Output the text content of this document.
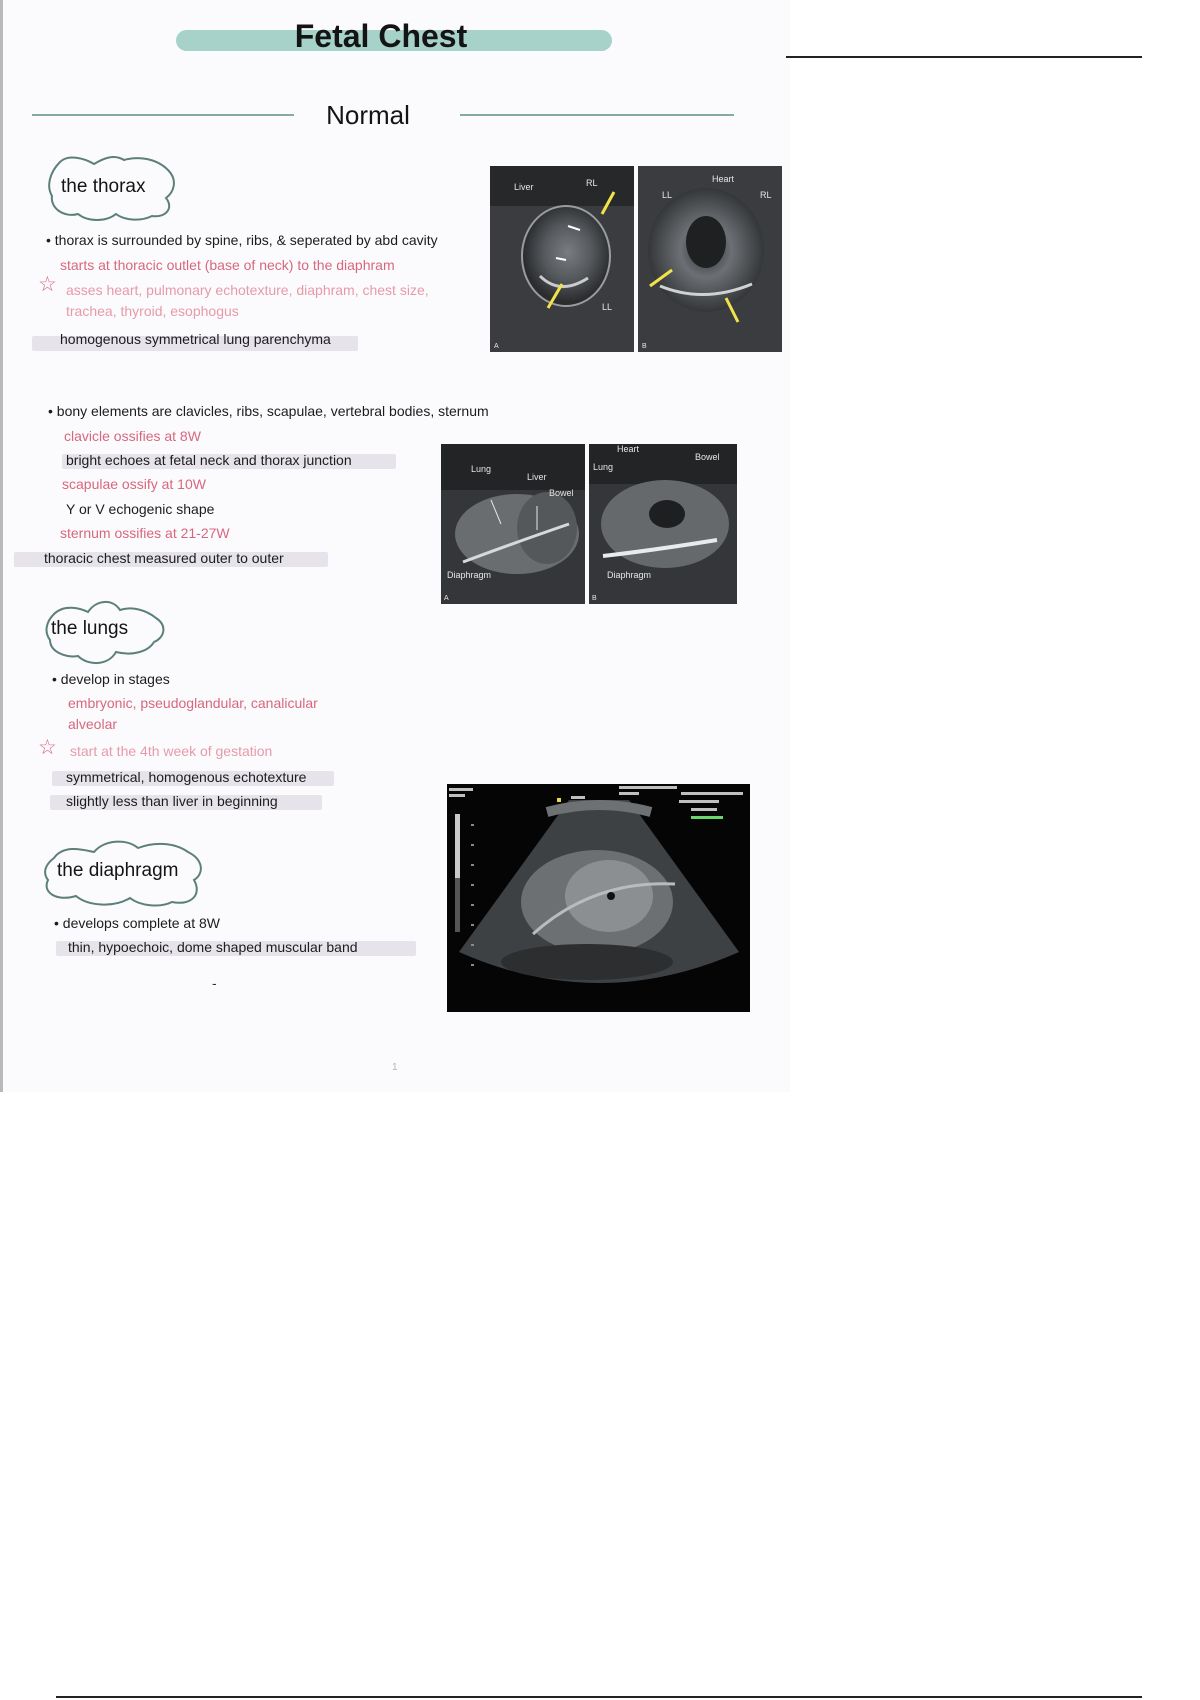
Fetal Chest
Normal
the thorax
• thorax is surrounded by spine, ribs, & seperated by abd cavity
starts at thoracic outlet (base of neck) to the diaphram
☆ asses heart, pulmonary echotexture, diaphram, chest size,
trachea, thyroid, esophogus
homogenous symmetrical lung parenchyma
Liver	RL
LL
A
Heart
LL	RL
B
• bony elements are clavicles, ribs, scapulae, vertebral bodies, sternum
clavicle ossifies at 8W
bright echoes at fetal neck and thorax junction
scapulae ossify at 10W
Y or V echogenic shape
sternum ossifies at 21-27W
thoracic chest measured outer to outer
Lung
Liver
Bowel
Diaphragm
A
Heart
Lung
Bowel
Diaphragm
B
the lungs
• develop in stages
embryonic, pseudoglandular, canalicular
alveolar
☆ start at the 4th week of gestation
symmetrical, homogenous echotexture
slightly less than liver in beginning
the diaphragm
• develops complete at 8W
thin, hypoechoic, dome shaped muscular band
-
1
